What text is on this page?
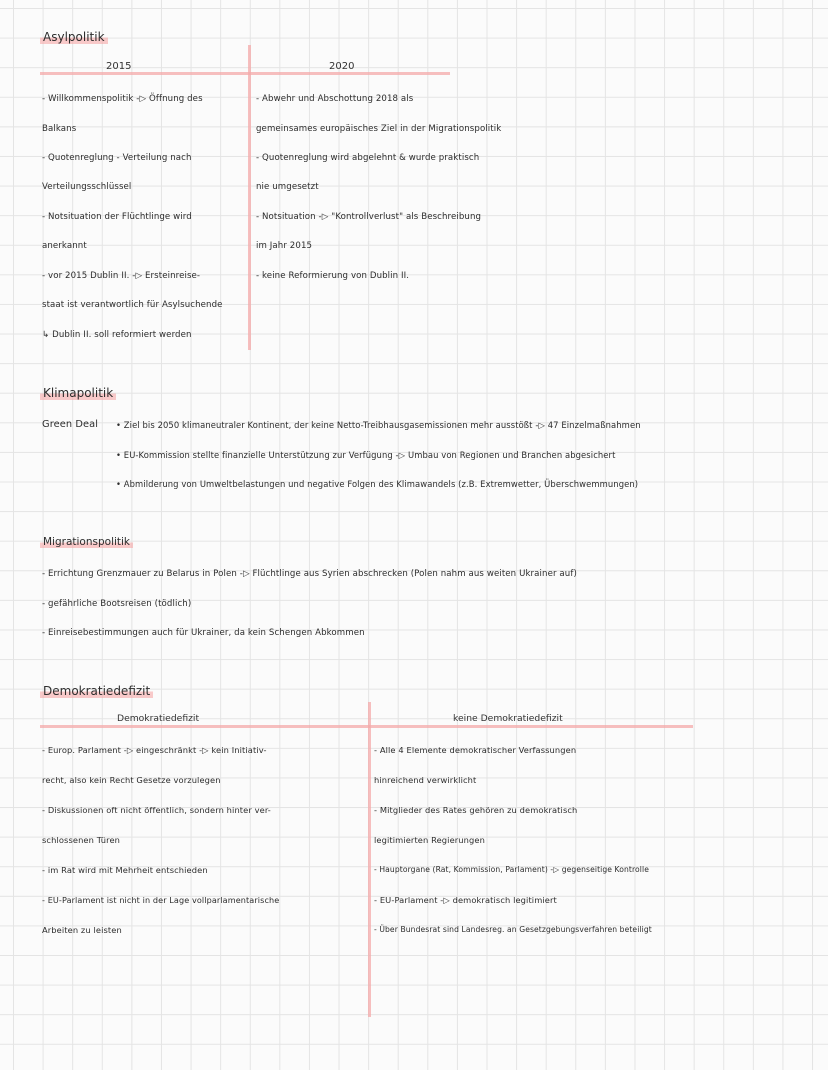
Asylpolitik
2015	2020
- Willkommenspolitik -▷ Öffnung des
Balkans
- Quotenreglung - Verteilung nach
Verteilungsschlüssel
- Notsituation der Flüchtlinge wird
anerkannt
- vor 2015 Dublin II. -▷ Ersteinreise-
staat ist verantwortlich für Asylsuchende
↳ Dublin II. soll reformiert werden
- Abwehr und Abschottung 2018 als
gemeinsames europäisches Ziel in der Migrationspolitik
- Quotenreglung wird abgelehnt & wurde praktisch
nie umgesetzt
- Notsituation -▷ "Kontrollverlust" als Beschreibung
im Jahr 2015
- keine Reformierung von Dublin II.
Klimapolitik
Green Deal • Ziel bis 2050 klimaneutraler Kontinent, der keine Netto-Treibhausgasemissionen mehr ausstößt -▷ 47 Einzelmaßnahmen
• EU-Kommission stellte finanzielle Unterstützung zur Verfügung -▷ Umbau von Regionen und Branchen abgesichert
• Abmilderung von Umweltbelastungen und negative Folgen des Klimawandels (z.B. Extremwetter, Überschwemmungen)
Migrationspolitik
- Errichtung Grenzmauer zu Belarus in Polen -▷ Flüchtlinge aus Syrien abschrecken (Polen nahm aus weiten Ukrainer auf)
- gefährliche Bootsreisen (tödlich)
- Einreisebestimmungen auch für Ukrainer, da kein Schengen Abkommen
Demokratiedefizit
Demokratiedefizit	keine Demokratiedefizit
- Europ. Parlament -▷ eingeschränkt -▷ kein Initiativ-
recht, also kein Recht Gesetze vorzulegen
- Diskussionen oft nicht öffentlich, sondern hinter ver-
schlossenen Türen
- im Rat wird mit Mehrheit entschieden
- EU-Parlament ist nicht in der Lage vollparlamentarische
Arbeiten zu leisten
- Alle 4 Elemente demokratischer Verfassungen
hinreichend verwirklicht
- Mitglieder des Rates gehören zu demokratisch
legitimierten Regierungen
- Hauptorgane (Rat, Kommission, Parlament) -▷ gegenseitige Kontrolle
- EU-Parlament -▷ demokratisch legitimiert
- Über Bundesrat sind Landesreg. an Gesetzgebungsverfahren beteiligt
